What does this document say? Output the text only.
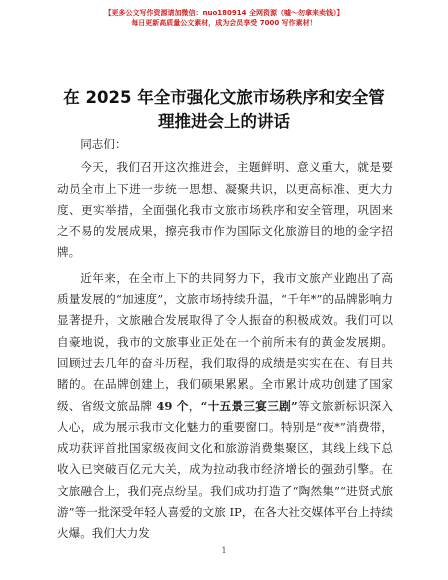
【更多公文写作资源请加微信：nuo180914 全网资源（嘘～勿拿来卖钱）】
每日更新高质量公文素材，成为会员享受 7000 写作素材！
在 2025 年全市强化文旅市场秩序和安全管理推进会上的讲话

同志们：

今天，我们召开这次推进会，主题鲜明、意义重大，就是要动员全市上下进一步统一思想、凝聚共识，以更高标准、更大力度、更实举措，全面强化我市文旅市场秩序和安全管理，巩固来之不易的发展成果，擦亮我市作为国际文化旅游目的地的金字招牌。

近年来，在全市上下的共同努力下，我市文旅产业跑出了高质量发展的“加速度”，文旅市场持续升温，“千年*”的品牌影响力显著提升，文旅融合发展取得了令人振奋的积极成效。我们可以自豪地说，我市的文旅事业正处在一个前所未有的黄金发展期。回顾过去几年的奋斗历程，我们取得的成绩是实实在在、有目共睹的。在品牌创建上，我们硕果累累。全市累计成功创建了国家级、省级文旅品牌 49 个，“十五景三宴三剧”等文旅新标识深入人心，成为展示我市文化魅力的重要窗口。特别是“夜*”消费带，成功获评首批国家级夜间文化和旅游消费集聚区，其线上线下总收入已突破百亿元大关，成为拉动我市经济增长的强劲引擎。在文旅融合上，我们亮点纷呈。我们成功打造了“陶然集”“进贤式旅游”等一批深受年轻人喜爱的文旅 IP，在各大社交媒体平台上持续火爆。我们大力发

1
